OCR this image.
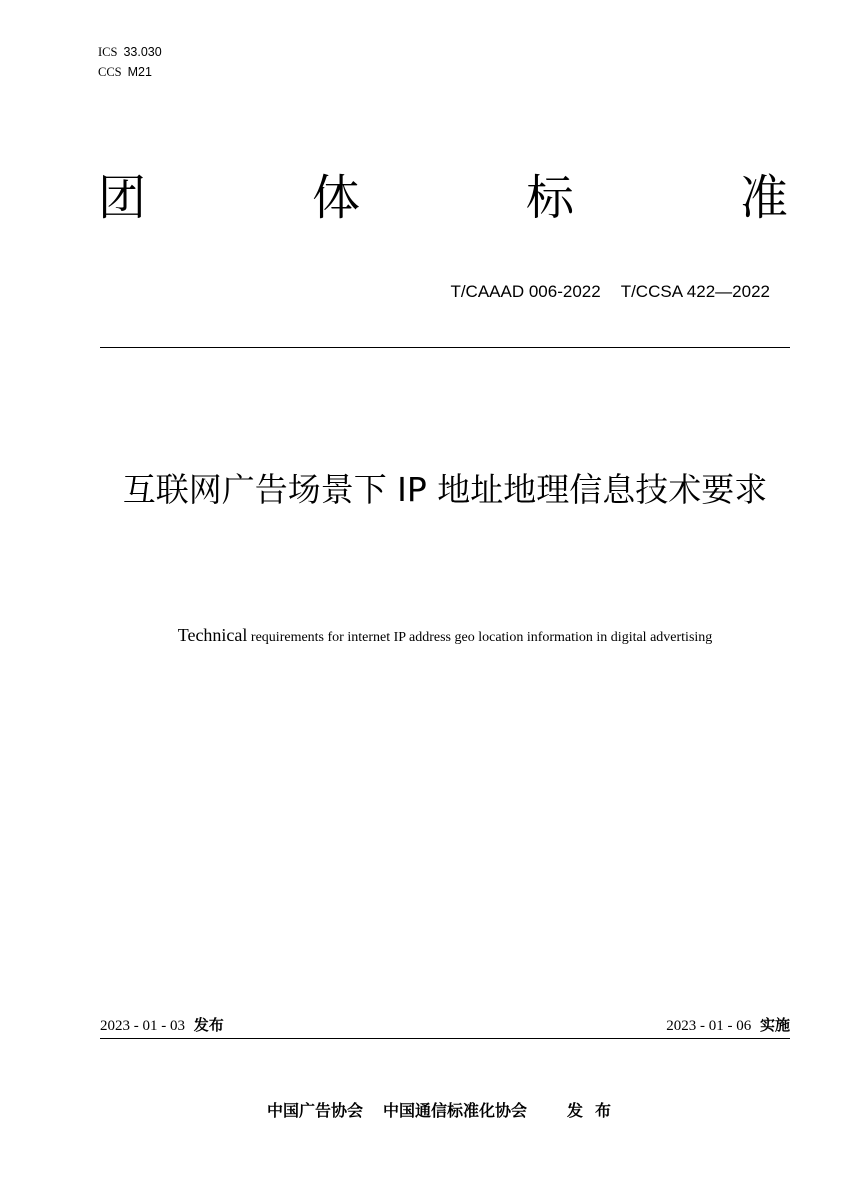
ICS 33.030
CCS M21
团	体	标	准
T/CAAAD 006-2022 T/CCSA 422—2022
互联网广告场景下 IP 地址地理信息技术要求
Technical requirements for internet IP address geo location information in digital advertising
2023 - 01 - 03 发布	2023 - 01 - 06 实施
中国广告协会 中国通信标准化协会	发布
